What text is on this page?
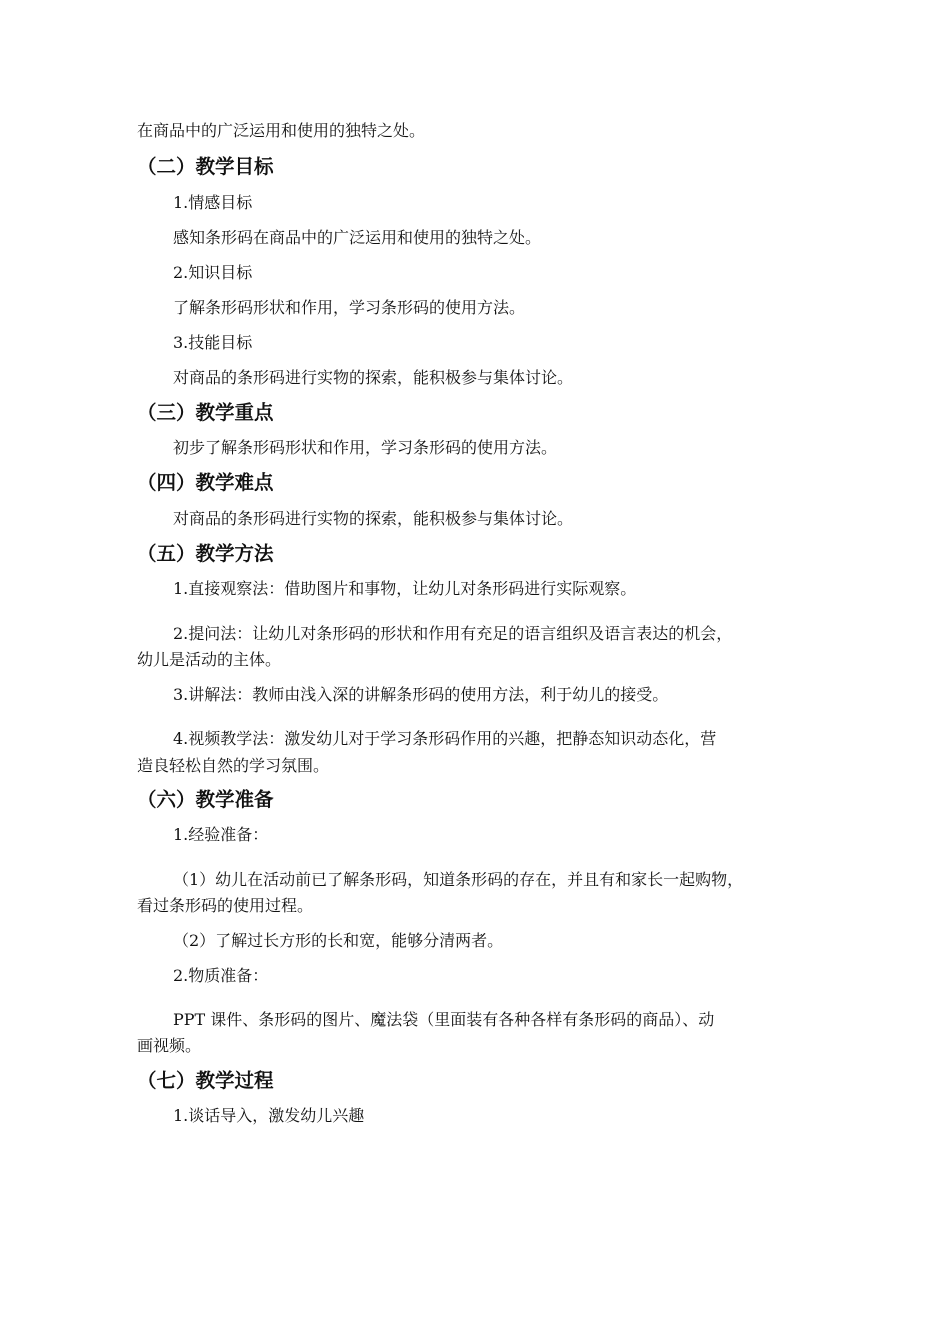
在商品中的广泛运用和使用的独特之处。

（二）教学目标

1.情感目标

感知条形码在商品中的广泛运用和使用的独特之处。

2.知识目标

了解条形码形状和作用，学习条形码的使用方法。

3.技能目标

对商品的条形码进行实物的探索，能积极参与集体讨论。

（三）教学重点

初步了解条形码形状和作用，学习条形码的使用方法。

（四）教学难点

对商品的条形码进行实物的探索，能积极参与集体讨论。

（五）教学方法

1.直接观察法：借助图片和事物，让幼儿对条形码进行实际观察。

2.提问法：让幼儿对条形码的形状和作用有充足的语言组织及语言表达的机会，

幼儿是活动的主体。

3.讲解法：教师由浅入深的讲解条形码的使用方法，利于幼儿的接受。

4.视频教学法：激发幼儿对于学习条形码作用的兴趣，把静态知识动态化，营

造良轻松自然的学习氛围。

（六）教学准备

1.经验准备：

（1）幼儿在活动前已了解条形码，知道条形码的存在，并且有和家长一起购物，

看过条形码的使用过程。

（2）了解过长方形的长和宽，能够分清两者。

2.物质准备：

PPT 课件、条形码的图片、魔法袋（里面装有各种各样有条形码的商品）、动

画视频。

（七）教学过程

1.谈话导入，激发幼儿兴趣
